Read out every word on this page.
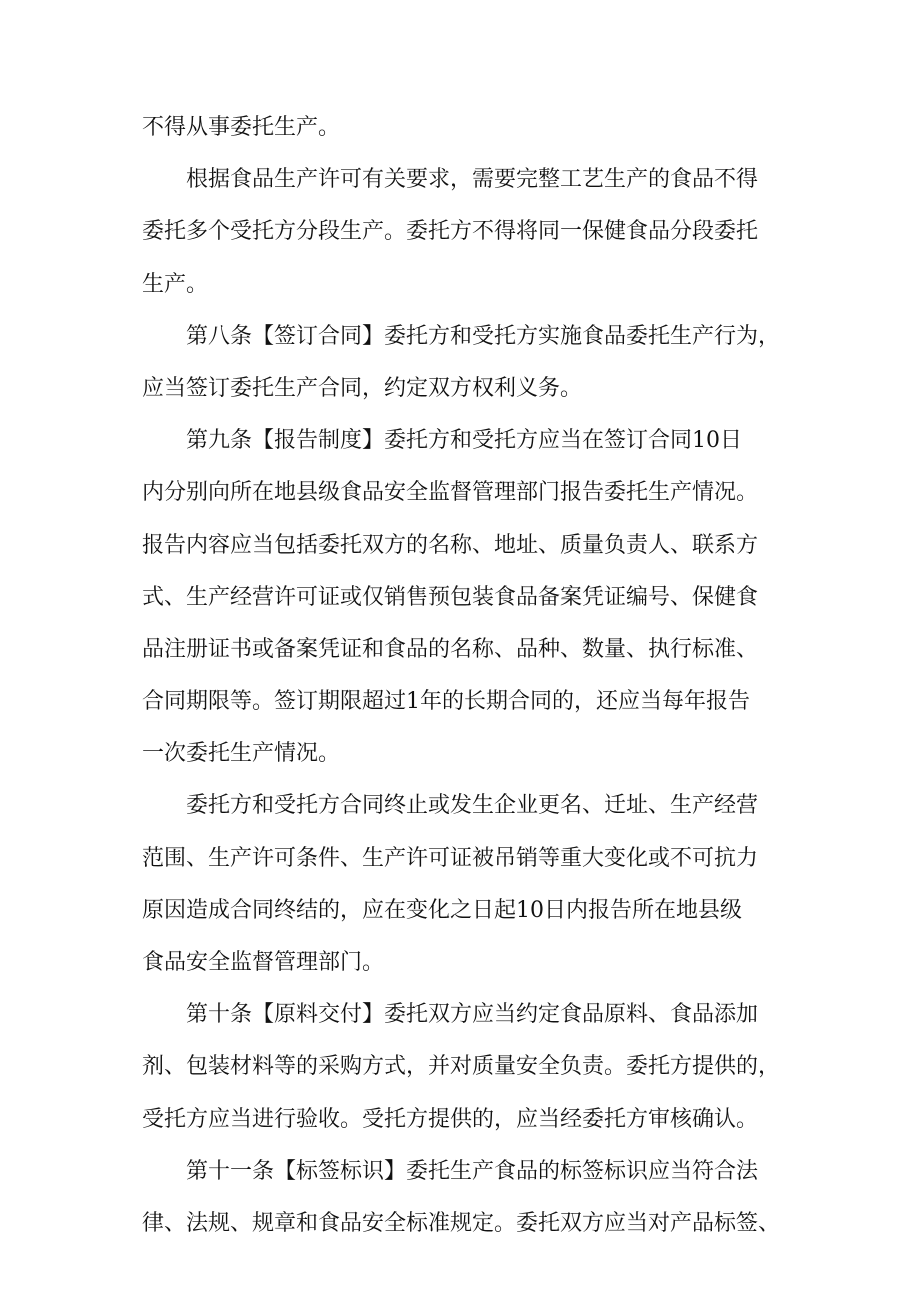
不得从事委托生产。
　　根据食品生产许可有关要求，需要完整工艺生产的食品不得
委托多个受托方分段生产。委托方不得将同一保健食品分段委托
生产。
　　第八条【签订合同】委托方和受托方实施食品委托生产行为，
应当签订委托生产合同，约定双方权利义务。
　　第九条【报告制度】委托方和受托方应当在签订合同10日
内分别向所在地县级食品安全监督管理部门报告委托生产情况。
报告内容应当包括委托双方的名称、地址、质量负责人、联系方
式、生产经营许可证或仅销售预包装食品备案凭证编号、保健食
品注册证书或备案凭证和食品的名称、品种、数量、执行标准、
合同期限等。签订期限超过1年的长期合同的，还应当每年报告
一次委托生产情况。
　　委托方和受托方合同终止或发生企业更名、迁址、生产经营
范围、生产许可条件、生产许可证被吊销等重大变化或不可抗力
原因造成合同终结的，应在变化之日起10日内报告所在地县级
食品安全监督管理部门。
　　第十条【原料交付】委托双方应当约定食品原料、食品添加
剂、包装材料等的采购方式，并对质量安全负责。委托方提供的，
受托方应当进行验收。受托方提供的，应当经委托方审核确认。
　　第十一条【标签标识】委托生产食品的标签标识应当符合法
律、法规、规章和食品安全标准规定。委托双方应当对产品标签、
